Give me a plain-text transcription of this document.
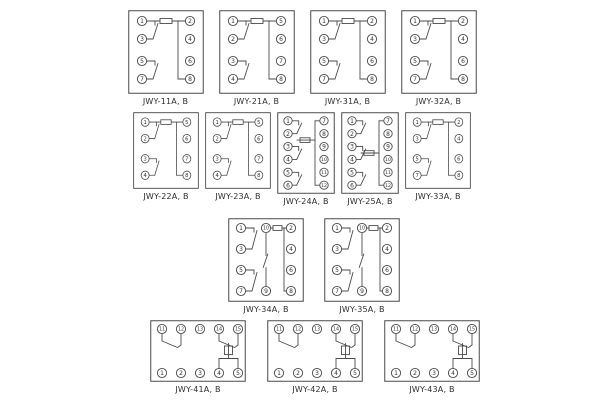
1	2
3	4
5	6
7	8
JWY-11A, B
1	5
2	6
3	7
4	8
JWY-21A, B
1	2
3	4
5	6
7	8
JWY-31A, B
1	2
3	4
5	6
7	8
JWY-32A, B
1	5
2	6
3	7
4	8
JWY-22A, B
1	5
2	6
3	7
4	8
JWY-23A, B
1	7
2	8
3	9
4	10
5	11
6	12
JWY-24A, B
1	7
2	8
3	9
4	10
5	11
6	12
JWY-25A, B
1	2
3	4
5	6
7	8
JWY-33A, B
1	2
3	4
5	6
7	8
10
9
JWY-34A, B
1	2
3	4
5	6
7	8
10
9
JWY-35A, B
11
1
12
2
13
3
14
4
15
5
JWY-41A, B
11
1
12
2
13
3
14
4
15
5
JWY-42A, B
11
1
12
2
13
3
14
4
15
5
JWY-43A, B
